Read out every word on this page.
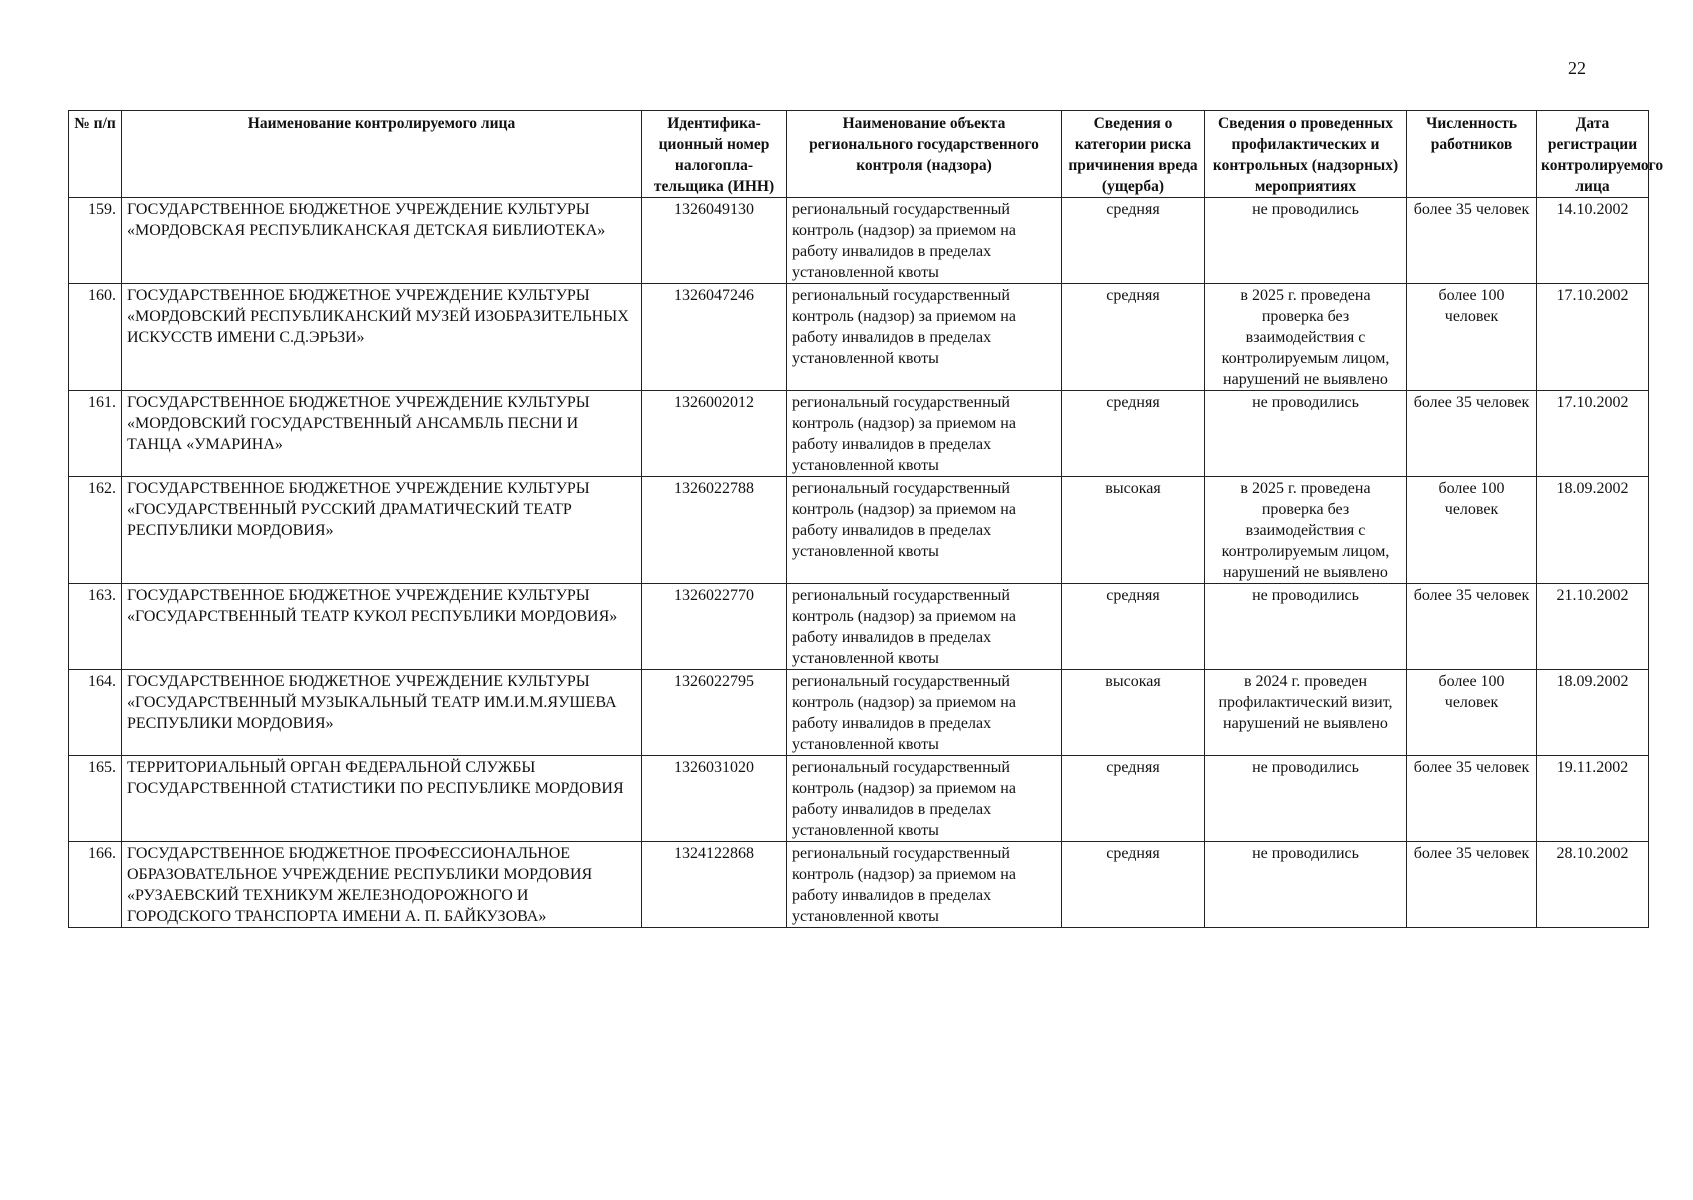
22
№ п/п	Наименование контролируемого лица	Идентифика-ционный номер налогопла-тельщика (ИНН)	Наименование объекта регионального государственного контроля (надзора)	Сведения о категории риска причинения вреда (ущерба)	Сведения о проведенных профилактических и контрольных (надзорных) мероприятиях	Численность работников	Дата регистрации контролируемого лица
159.	ГОСУДАРСТВЕННОЕ БЮДЖЕТНОЕ УЧРЕЖДЕНИЕ КУЛЬТУРЫ «МОРДОВСКАЯ РЕСПУБЛИКАНСКАЯ ДЕТСКАЯ БИБЛИОТЕКА»	1326049130	региональный государственный контроль (надзор) за приемом на работу инвалидов в пределах установленной квоты	средняя	не проводились	более 35 человек	14.10.2002
160.	ГОСУДАРСТВЕННОЕ БЮДЖЕТНОЕ УЧРЕЖДЕНИЕ КУЛЬТУРЫ «МОРДОВСКИЙ РЕСПУБЛИКАНСКИЙ МУЗЕЙ ИЗОБРАЗИТЕЛЬНЫХ ИСКУССТВ ИМЕНИ С.Д.ЭРЬЗИ»	1326047246	региональный государственный контроль (надзор) за приемом на работу инвалидов в пределах установленной квоты	средняя	в 2025 г. проведена проверка без взаимодействия с контролируемым лицом, нарушений не выявлено	более 100 человек	17.10.2002
161.	ГОСУДАРСТВЕННОЕ БЮДЖЕТНОЕ УЧРЕЖДЕНИЕ КУЛЬТУРЫ «МОРДОВСКИЙ ГОСУДАРСТВЕННЫЙ АНСАМБЛЬ ПЕСНИ И ТАНЦА «УМАРИНА»	1326002012	региональный государственный контроль (надзор) за приемом на работу инвалидов в пределах установленной квоты	средняя	не проводились	более 35 человек	17.10.2002
162.	ГОСУДАРСТВЕННОЕ БЮДЖЕТНОЕ УЧРЕЖДЕНИЕ КУЛЬТУРЫ «ГОСУДАРСТВЕННЫЙ РУССКИЙ ДРАМАТИЧЕСКИЙ ТЕАТР РЕСПУБЛИКИ МОРДОВИЯ»	1326022788	региональный государственный контроль (надзор) за приемом на работу инвалидов в пределах установленной квоты	высокая	в 2025 г. проведена проверка без взаимодействия с контролируемым лицом, нарушений не выявлено	более 100 человек	18.09.2002
163.	ГОСУДАРСТВЕННОЕ БЮДЖЕТНОЕ УЧРЕЖДЕНИЕ КУЛЬТУРЫ «ГОСУДАРСТВЕННЫЙ ТЕАТР КУКОЛ РЕСПУБЛИКИ МОРДОВИЯ»	1326022770	региональный государственный контроль (надзор) за приемом на работу инвалидов в пределах установленной квоты	средняя	не проводились	более 35 человек	21.10.2002
164.	ГОСУДАРСТВЕННОЕ БЮДЖЕТНОЕ УЧРЕЖДЕНИЕ КУЛЬТУРЫ «ГОСУДАРСТВЕННЫЙ МУЗЫКАЛЬНЫЙ ТЕАТР ИМ.И.М.ЯУШЕВА РЕСПУБЛИКИ МОРДОВИЯ»	1326022795	региональный государственный контроль (надзор) за приемом на работу инвалидов в пределах установленной квоты	высокая	в 2024 г. проведен профилактический визит, нарушений не выявлено	более 100 человек	18.09.2002
165.	ТЕРРИТОРИАЛЬНЫЙ ОРГАН ФЕДЕРАЛЬНОЙ СЛУЖБЫ ГОСУДАРСТВЕННОЙ СТАТИСТИКИ ПО РЕСПУБЛИКЕ МОРДОВИЯ	1326031020	региональный государственный контроль (надзор) за приемом на работу инвалидов в пределах установленной квоты	средняя	не проводились	более 35 человек	19.11.2002
166.	ГОСУДАРСТВЕННОЕ БЮДЖЕТНОЕ ПРОФЕССИОНАЛЬНОЕ ОБРАЗОВАТЕЛЬНОЕ УЧРЕЖДЕНИЕ РЕСПУБЛИКИ МОРДОВИЯ «РУЗАЕВСКИЙ ТЕХНИКУМ ЖЕЛЕЗНОДОРОЖНОГО И ГОРОДСКОГО ТРАНСПОРТА ИМЕНИ А. П. БАЙКУЗОВА»	1324122868	региональный государственный контроль (надзор) за приемом на работу инвалидов в пределах установленной квоты	средняя	не проводились	более 35 человек	28.10.2002
